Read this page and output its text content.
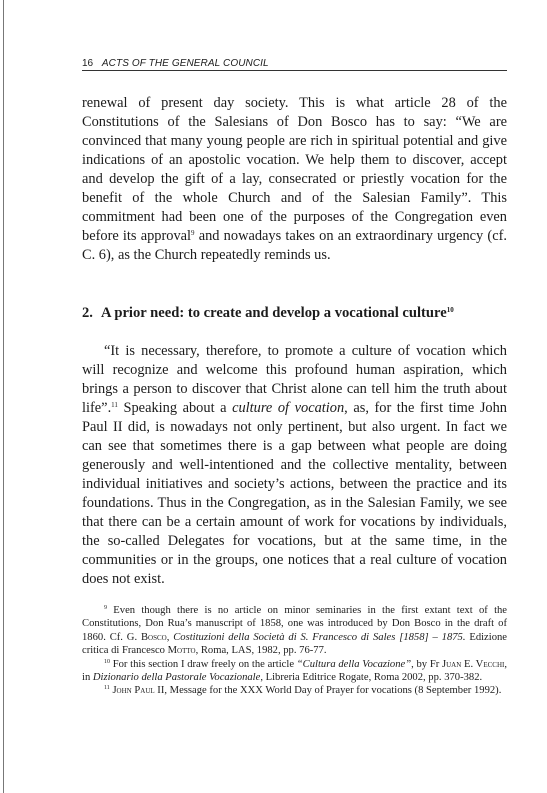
16 ACTS OF THE GENERAL COUNCIL
renewal of present day society. This is what article 28 of the Constitutions of the Salesians of Don Bosco has to say: “We are convinced that many young people are rich in spiritual potential and give indications of an apostolic vocation. We help them to discover, accept and develop the gift of a lay, consecrated or priestly vocation for the benefit of the whole Church and of the Salesian Family”. This commitment had been one of the purposes of the Congregation even before its approval$^9$ and nowadays takes on an extraordinary urgency (cf. C. 6), as the Church repeatedly reminds us.
2. A prior need: to create and develop a vocational culture$^{10}$
“It is necessary, therefore, to promote a culture of vocation which will recognize and welcome this profound human aspiration, which brings a person to discover that Christ alone can tell him the truth about life”.$^{11}$ Speaking about a culture of vocation, as, for the first time John Paul II did, is nowadays not only pertinent, but also urgent. In fact we can see that sometimes there is a gap between what people are doing generously and well-intentioned and the collective mentality, between individual initiatives and society’s actions, between the practice and its foundations. Thus in the Congregation, as in the Salesian Family, we see that there can be a certain amount of work for vocations by individuals, the so-called Delegates for vocations, but at the same time, in the communities or in the groups, one notices that a real culture of vocation does not exist.

$^9$ Even though there is no article on minor seminaries in the first extant text of the Constitutions, Don Rua’s manuscript of 1858, one was introduced by Don Bosco in the draft of 1860. Cf. G. Bosco, Costituzioni della Società di S. Francesco di Sales [1858] – 1875. Edizione critica di Francesco Motto, Roma, LAS, 1982, pp. 76-77.

$^{10}$ For this section I draw freely on the article “Cultura della Vocazione”, by Fr Juan E. Vecchi, in Dizionario della Pastorale Vocazionale, Libreria Editrice Rogate, Roma 2002, pp. 370-382.

$^{11}$ John Paul II, Message for the XXX World Day of Prayer for vocations (8 September 1992).
